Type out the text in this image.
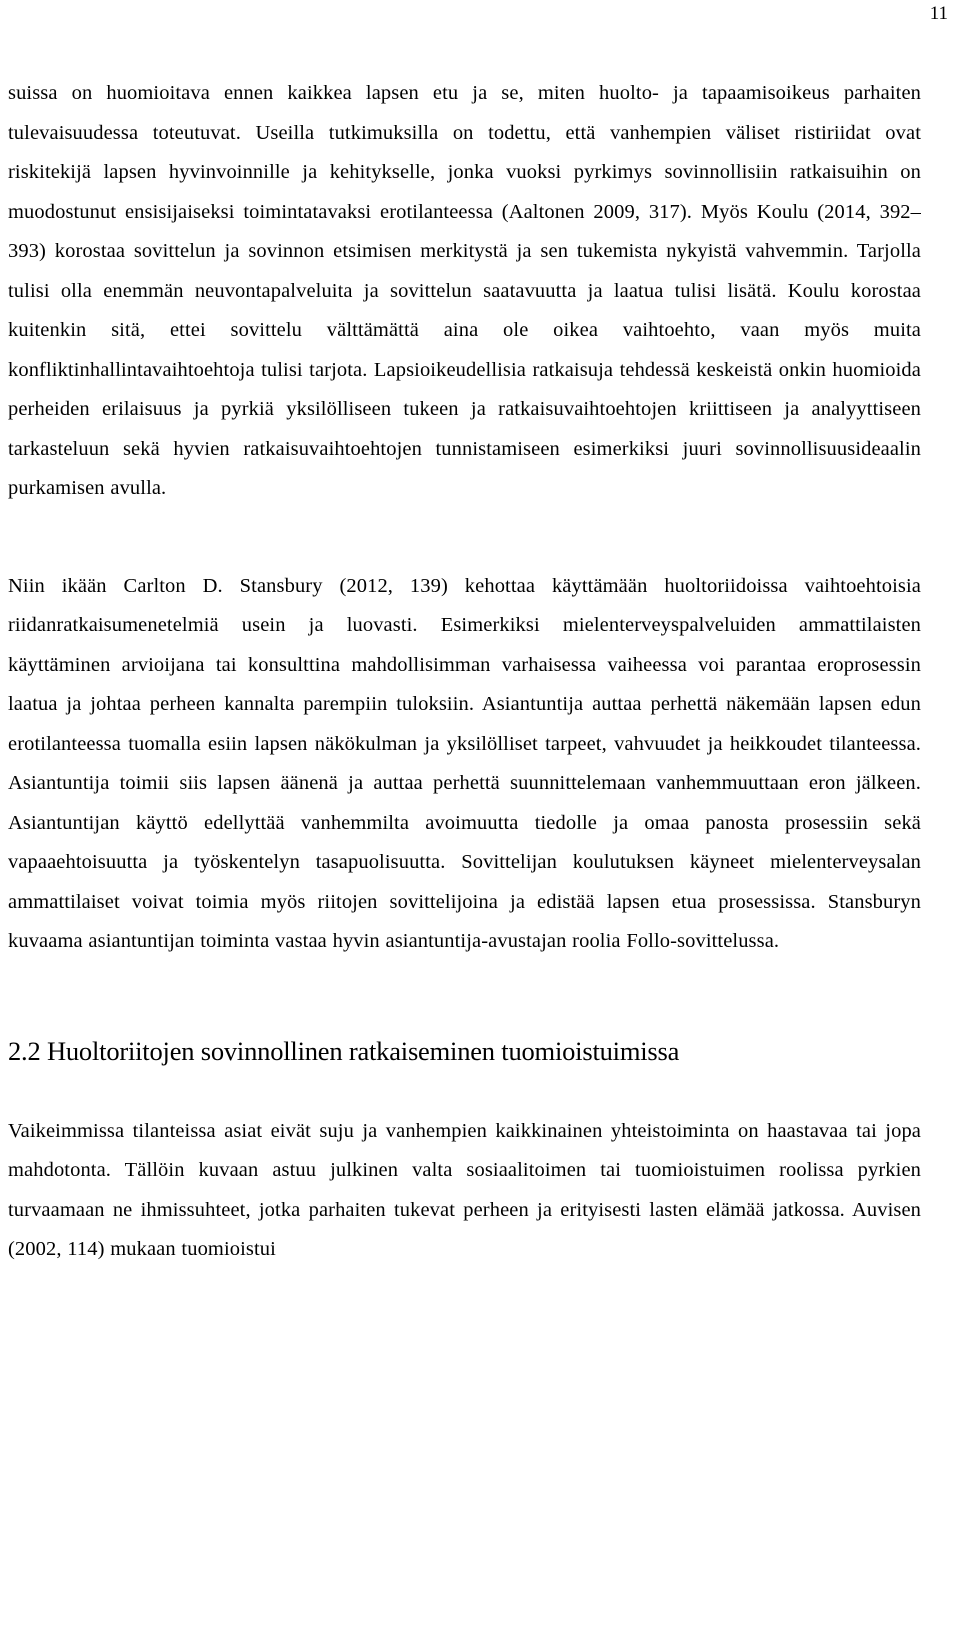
11

suissa on huomioitava ennen kaikkea lapsen etu ja se, miten huolto- ja tapaamisoikeus parhaiten tulevaisuudessa toteutuvat. Useilla tutkimuksilla on todettu, että vanhempien väliset ristiriidat ovat riskitekijä lapsen hyvinvoinnille ja kehitykselle, jonka vuoksi pyrkimys sovinnollisiin ratkaisuihin on muodostunut ensisijaiseksi toimintatavaksi erotilanteessa (Aaltonen 2009, 317). Myös Koulu (2014, 392–393) korostaa sovittelun ja sovinnon etsimisen merkitystä ja sen tukemista nykyistä vahvemmin. Tarjolla tulisi olla enemmän neuvontapalveluita ja sovittelun saatavuutta ja laatua tulisi lisätä. Koulu korostaa kuitenkin sitä, ettei sovittelu välttämättä aina ole oikea vaihtoehto, vaan myös muita konfliktinhallintavaihtoehtoja tulisi tarjota. Lapsioikeudellisia ratkaisuja tehdessä keskeistä onkin huomioida perheiden erilaisuus ja pyrkiä yksilölliseen tukeen ja ratkaisuvaihtoehtojen kriittiseen ja analyyttiseen tarkasteluun sekä hyvien ratkaisuvaihtoehtojen tunnistamiseen esimerkiksi juuri sovinnollisuusideaalin purkamisen avulla.

Niin ikään Carlton D. Stansbury (2012, 139) kehottaa käyttämään huoltoriidoissa vaihtoehtoisia riidanratkaisumenetelmiä usein ja luovasti. Esimerkiksi mielenterveyspalveluiden ammattilaisten käyttäminen arvioijana tai konsulttina mahdollisimman varhaisessa vaiheessa voi parantaa eroprosessin laatua ja johtaa perheen kannalta parempiin tuloksiin. Asiantuntija auttaa perhettä näkemään lapsen edun erotilanteessa tuomalla esiin lapsen näkökulman ja yksilölliset tarpeet, vahvuudet ja heikkoudet tilanteessa. Asiantuntija toimii siis lapsen äänenä ja auttaa perhettä suunnittelemaan vanhemmuuttaan eron jälkeen. Asiantuntijan käyttö edellyttää vanhemmilta avoimuutta tiedolle ja omaa panosta prosessiin sekä vapaaehtoisuutta ja työskentelyn tasapuolisuutta. Sovittelijan koulutuksen käyneet mielenterveysalan ammattilaiset voivat toimia myös riitojen sovittelijoina ja edistää lapsen etua prosessissa. Stansburyn kuvaama asiantuntijan toiminta vastaa hyvin asiantuntija-avustajan roolia Follo-sovittelussa.

2.2 Huoltoriitojen sovinnollinen ratkaiseminen tuomioistuimissa

Vaikeimmissa tilanteissa asiat eivät suju ja vanhempien kaikkinainen yhteistoiminta on haastavaa tai jopa mahdotonta. Tällöin kuvaan astuu julkinen valta sosiaalitoimen tai tuomioistuimen roolissa pyrkien turvaamaan ne ihmissuhteet, jotka parhaiten tukevat perheen ja erityisesti lasten elämää jatkossa. Auvisen (2002, 114) mukaan tuomioistui
